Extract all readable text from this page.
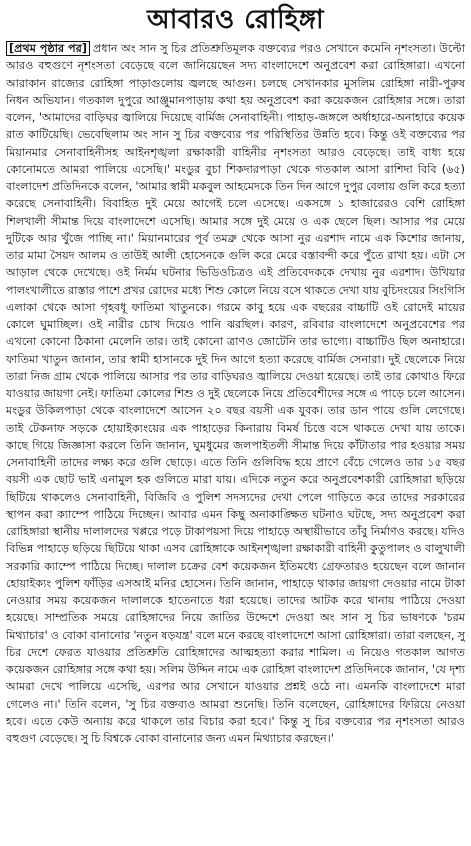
আবারও রোহিঙ্গা

[প্রথম পৃষ্ঠার পর] প্রধান অং সান সু চির প্রতিশ্রুতিমূলক বক্তব্যের পরও সেখানে কমেনি নৃশংসতা। উল্টো আরও বহুগুণে নৃশংসতা বেড়েছে বলে জানিয়েছেন সদ্য বাংলাদেশে অনুপ্রবেশ করা রোহিঙ্গারা। এখনো আরাকান রাজ্যের রোহিঙ্গা পাড়াগুলোয় জ্বলছে আগুন। চলছে সেখানকার মুসলিম রোহিঙ্গা নারী-পুরুষ নিধন অভিযান। গতকাল দুপুরে আঞ্জুমানপাড়ায় কথা হয় অনুপ্রবেশ করা কয়েকজন রোহিঙ্গার সঙ্গে। তারা বলেন, 'আমাদের বাড়িঘর জ্বালিয়ে দিয়েছে বার্মিজ সেনাবাহিনী। পাহাড়-জঙ্গলে অর্ধাহারে-অনাহারে কয়েক রাত কাটিয়েছি। ভেবেছিলাম অং সান সু চির বক্তব্যের পর পরিস্থিতির উন্নতি হবে। কিন্তু ওই বক্তব্যের পর মিয়ানমার সেনাবাহিনীসহ আইনশৃঙ্খলা রক্ষাকারী বাহিনীর নৃশংসতা আরও বেড়েছে। তাই বাধ্য হয়ে কোনোমতে আমরা পালিয়ে এসেছি।' মংডুর বুচা শিকদারপাড়া থেকে গতকাল আসা রাশিদা বিবি (৬৫) বাংলাদেশ প্রতিদিনকে বলেন, 'আমার স্বামী মকবুল আহমেদকে তিন দিন আগে দুপুর বেলায় গুলি করে হত্যা করেছে সেনাবাহিনী। বিবাহিত দুই মেয়ে আগেই চলে এসেছে। একসঙ্গে ১ হাজারেরও বেশি রোহিঙ্গা শিলখালী সীমান্ত দিয়ে বাংলাদেশে এসেছি। আমার সঙ্গে দুই মেয়ে ও এক ছেলে ছিল। আসার পর মেয়ে দুটিকে আর খুঁজে পাচ্ছি না।' মিয়ানমারের পূর্ব তমব্রু থেকে আসা নুর এরশাদ নামে এক কিশোর জানায়, তার মামা সৈয়দ আলম ও তাউই আলী হোসেনকে গুলি করে মেরে বস্তাবন্দী করে পুঁতে রাখা হয়। এটা সে আড়াল থেকে দেখেছে। ওই নির্মম ঘটনার ভিডিওচিত্রও এই প্রতিবেদককে দেখায় নুর এরশাদ। উখিয়ার পালংখালীতে রাস্তার পাশে প্রখর রোদের মধ্যে শিশু কোলে নিয়ে বসে থাকতে দেখা যায় বুচিদংয়ের সিংগিসি এলাকা থেকে আসা গৃহবধূ ফাতিমা খাতুনকে। গরমে কাবু হয়ে এক বছরের বাচ্চাটি ওই রোদেই মায়ের কোলে ঘুমাচ্ছিল। ওই নারীর চোখ দিয়েও পানি ঝরছিল। কারণ, রবিবার বাংলাদেশে অনুপ্রবেশের পর এখনো কোনো ঠিকানা মেলেনি তার। তাই কোনো ত্রাণও জোটেনি তার ভাগ্যে। বাচ্চাটিও ছিল অনাহারে। ফাতিমা খাতুন জানান, তার স্বামী হাসানকে দুই দিন আগে হত্যা করেছে বার্মিজ সেনারা। দুই ছেলেকে নিয়ে তারা নিজ গ্রাম থেকে পালিয়ে আসার পর তার বাড়িঘরও জ্বালিয়ে দেওয়া হয়েছে। তাই তার কোথাও ফিরে যাওয়ার জায়গা নেই। ফাতিমা কোলের শিশু ও দুই ছেলেকে নিয়ে প্রতিবেশীদের সঙ্গে এ পাড়ে চলে আসেন। মংডুর উকিলপাড়া থেকে বাংলাদেশে আসেন ২০ বছর বয়সী এক যুবক। তার ডান পায়ে গুলি লেগেছে। তাই টেকনাফ সড়কে হোয়াইক্যংয়ের এক পাহাড়ের কিনারায় বিমর্ষ চিত্তে বসে থাকতে দেখা যায় তাকে। কাছে গিয়ে জিজ্ঞাসা করলে তিনি জানান, ঘুমধুমের জলপাইতলী সীমান্ত দিয়ে কাঁটাতার পার হওয়ার সময় সেনাবাহিনী তাদের লক্ষ্য করে গুলি ছোড়ে। এতে তিনি গুলিবিদ্ধ হয়ে প্রাণে বেঁচে গেলেও তার ১৫ বছর বয়সী এক ছোট ভাই এনামুল হক গুলিতে মারা যায়। এদিকে নতুন করে অনুপ্রবেশকারী রোহিঙ্গারা ছড়িয়ে ছিটিয়ে থাকলেও সেনাবাহিনী, বিজিবি ও পুলিশ সদস্যদের দেখা পেলে গাড়িতে করে তাদের সরকারের স্থাপন করা ক্যাম্পে পাঠিয়ে দিচ্ছেন। আবার এমন কিছু অনাকাঙ্ক্ষিত ঘটনাও ঘটছে, সদ্য অনুপ্রবেশ করা রোহিঙ্গারা স্থানীয় দালালদের খপ্পরে পড়ে টাকাপয়সা দিয়ে পাহাড়ে অস্থায়ীভাবে তাঁবু নির্মাণও করছে। যদিও বিভিন্ন পাহাড়ে ছড়িয়ে ছিটিয়ে থাকা এসব রোহিঙ্গাকে আইনশৃঙ্খলা রক্ষাকারী বাহিনী কুতুপালং ও বালুখালী সরকারি ক্যাম্পে পাঠিয়ে দিচ্ছে। দালাল চক্রের বেশ কয়েকজন ইতিমধ্যে গ্রেফতারও হয়েছেন বলে জানান হোয়াইক্যং পুলিশ ফাঁড়ির এসআই মনির হোসেন। তিনি জানান, পাহাড়ে থাকার জায়গা দেওয়ার নামে টাকা নেওয়ার সময় কয়েকজন দালালকে হাতেনাতে ধরা হয়েছে। তাদের আটক করে থানায় পাঠিয়ে দেওয়া হয়েছে। সাম্প্রতিক সময়ে রোহিঙ্গাদের নিয়ে জাতির উদ্দেশে দেওয়া অং সান সু চির ভাষণকে 'চরম মিথ্যাচার' ও বোকা বানানোর 'নতুন ষড়যন্ত্র' বলে মনে করছে বাংলাদেশে আসা রোহিঙ্গারা। তারা বলছেন, সু চির দেশে ফেরত যাওয়ার প্রতিশ্রুতি রোহিঙ্গাদের আত্মহত্যা করার শামিল। এ নিয়েও গতকাল আগত কয়েকজন রোহিঙ্গার সঙ্গে কথা হয়। সলিম উদ্দিন নামে এক রোহিঙ্গা বাংলাদেশ প্রতিদিনকে জানান, 'যে দৃশ্য আমরা দেখে পালিয়ে এসেছি, এরপর আর সেখানে যাওয়ার প্রশ্নই ওঠে না। এমনকি বাংলাদেশে মারা গেলেও না।' তিনি বলেন, 'সু চির বক্তব্যও আমরা শুনেছি। তিনি বলেছেন, রোহিঙ্গাদের ফিরিয়ে নেওয়া হবে। এতে কেউ অন্যায় করে থাকলে তার বিচার করা হবে।' কিন্তু সু চির বক্তব্যের পর নৃশংসতা আরও বহুগুণ বেড়েছে। সু চি বিশ্বকে বোকা বানানোর জন্য এমন মিথ্যাচার করছেন।'
